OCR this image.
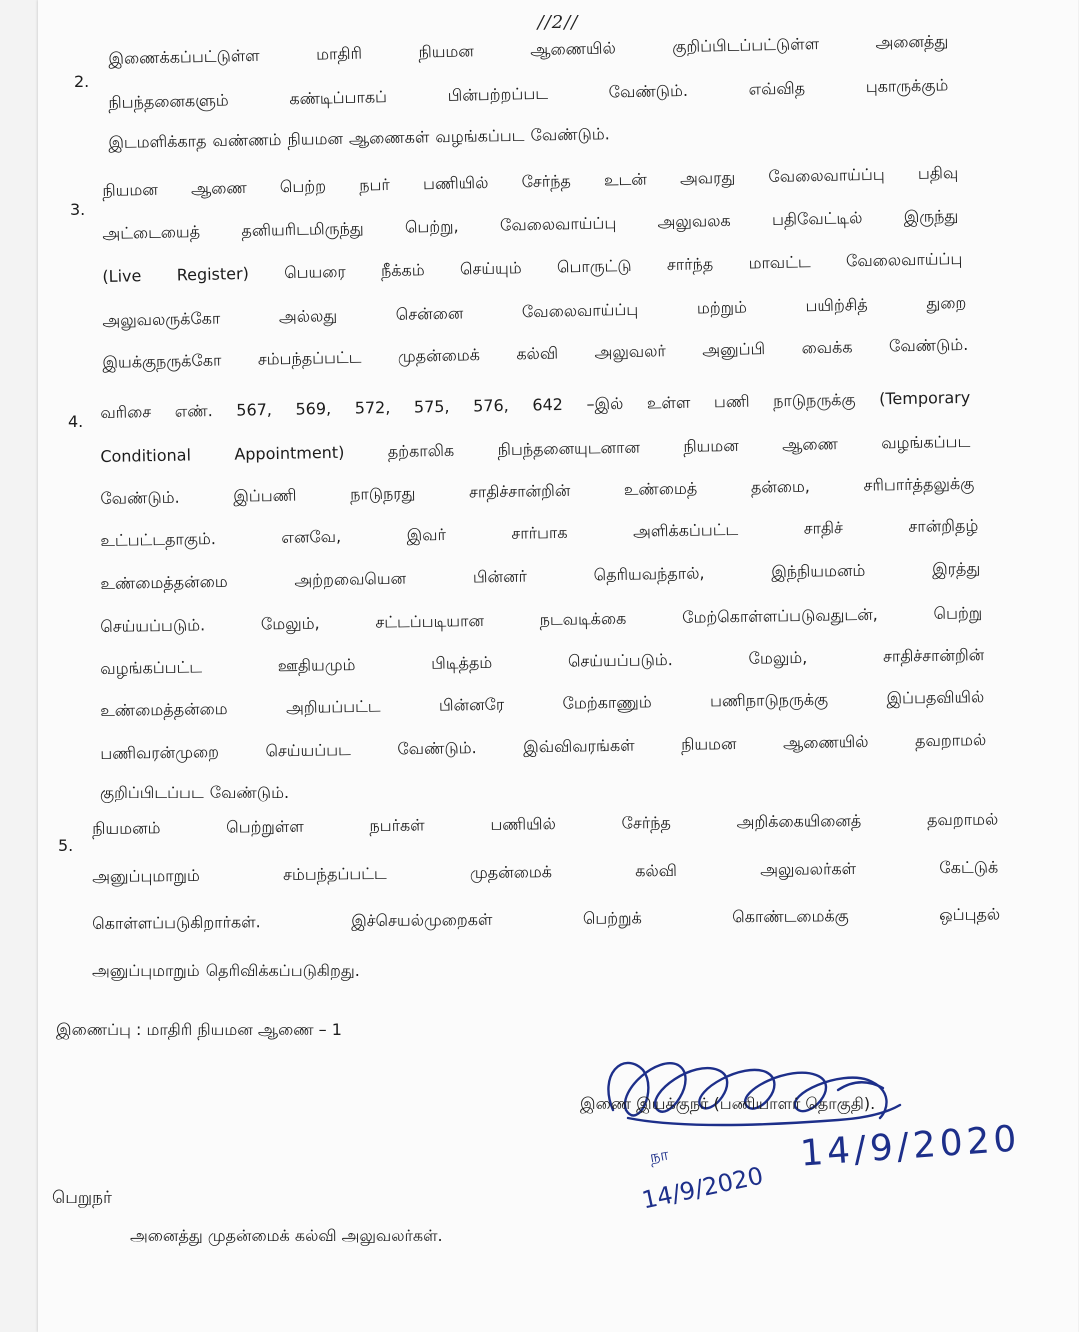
//2//
2.
இணைக்கப்பட்டுள்ள மாதிரி நியமன ஆணையில் குறிப்பிடப்பட்டுள்ள அனைத்து
நிபந்தனைகளும் கண்டிப்பாகப் பின்பற்றப்பட வேண்டும். எவ்வித புகாருக்கும்
இடமளிக்காத வண்ணம் நியமன ஆணைகள் வழங்கப்பட வேண்டும்.
3.
நியமன ஆணை பெற்ற நபர் பணியில் சேர்ந்த உடன் அவரது வேலைவாய்ப்பு பதிவு
அட்டையைத் தனியரிடமிருந்து பெற்று, வேலைவாய்ப்பு அலுவலக பதிவேட்டில் இருந்து
(Live Register) பெயரை நீக்கம் செய்யும் பொருட்டு சார்ந்த மாவட்ட வேலைவாய்ப்பு
அலுவலருக்கோ அல்லது சென்னை வேலைவாய்ப்பு மற்றும் பயிற்சித் துறை
இயக்குநருக்கோ சம்பந்தப்பட்ட முதன்மைக் கல்வி அலுவலர் அனுப்பி வைக்க வேண்டும்.
4. வரிசை எண். 567, 569, 572, 575, 576, 642 –இல் உள்ள பணி நாடுநருக்கு (Temporary
Conditional Appointment) தற்காலிக நிபந்தனையுடனான நியமன ஆணை வழங்கப்பட
வேண்டும். இப்பணி நாடுநரது சாதிச்சான்றின் உண்மைத் தன்மை, சரிபார்த்தலுக்கு
உட்பட்டதாகும். எனவே, இவர் சார்பாக அளிக்கப்பட்ட சாதிச் சான்றிதழ்
உண்மைத்தன்மை அற்றவையென பின்னர் தெரியவந்தால், இந்நியமனம் இரத்து
செய்யப்படும். மேலும், சட்டப்படியான நடவடிக்கை மேற்கொள்ளப்படுவதுடன், பெற்று
வழங்கப்பட்ட ஊதியமும் பிடித்தம் செய்யப்படும். மேலும், சாதிச்சான்றின்
உண்மைத்தன்மை அறியப்பட்ட பின்னரே மேற்காணும் பணிநாடுநருக்கு இப்பதவியில்
பணிவரன்முறை செய்யப்பட வேண்டும். இவ்விவரங்கள் நியமன ஆணையில் தவறாமல்
குறிப்பிடப்பட வேண்டும்.
5.
நியமனம் பெற்றுள்ள நபர்கள் பணியில் சேர்ந்த அறிக்கையினைத் தவறாமல்
அனுப்புமாறும் சம்பந்தப்பட்ட முதன்மைக் கல்வி அலுவலர்கள் கேட்டுக்
கொள்ளப்படுகிறார்கள். இச்செயல்முறைகள் பெற்றுக் கொண்டமைக்கு ஒப்புதல்
அனுப்புமாறும் தெரிவிக்கப்படுகிறது.
இணைப்பு : மாதிரி நியமன ஆணை – 1
இணை இயக்குநர் (பணியாளர் தொகுதி).
14/9/2020
நா
14/9/2020
பெறுநர்
அனைத்து முதன்மைக் கல்வி அலுவலர்கள்.
